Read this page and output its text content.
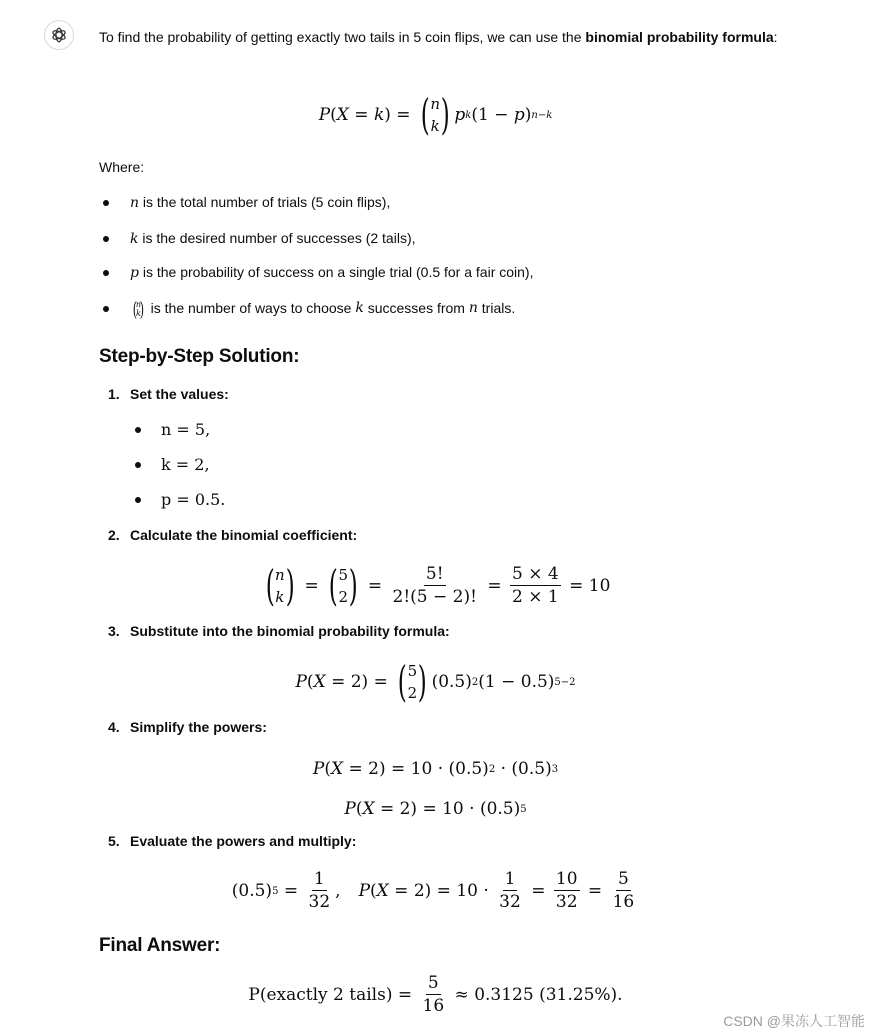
To find the probability of getting exactly two tails in 5 coin flips, we can use the binomial probability formula:
P ( X = k ) = ( n
k ) p k (1 − p ) n−k
Where:
n is the total number of trials (5 coin flips),
k is the desired number of successes (2 tails),
p is the probability of success on a single trial (0.5 for a fair coin),
(
n
k
) is the number of ways to choose k successes from n trials.
Step-by-Step Solution:
1. Set the values:
n = 5,
k = 2,
p = 0.5.
2. Calculate the binomial coefficient:
( n
k ) = ( 5
2 ) = $\frac{5!}{2!(5 - 2)!} = \frac{5 \times 4}{2 \times 1} = 10$
3. Substitute into the binomial probability formula:
P ( X = 2) = ( 5
2 ) (0.5) 2 (1 − 0.5) 5−2
4. Simplify the powers:
P ( X = 2) = 10 · (0.5) 2 · (0.5) 3
P ( X = 2) = 10 · (0.5) 5
5. Evaluate the powers and multiply:
(0.5) $5 = \frac{1}{32}$ , P ( $X = 2) = 10 \cdot \frac{1}{32} = \frac{10}{32} = \frac{5}{16}$
Final Answer:
P(exactly 2 tails) = $\frac{5}{16} \approx 0.3125$ (31.25%).
CSDN @果冻人工智能
